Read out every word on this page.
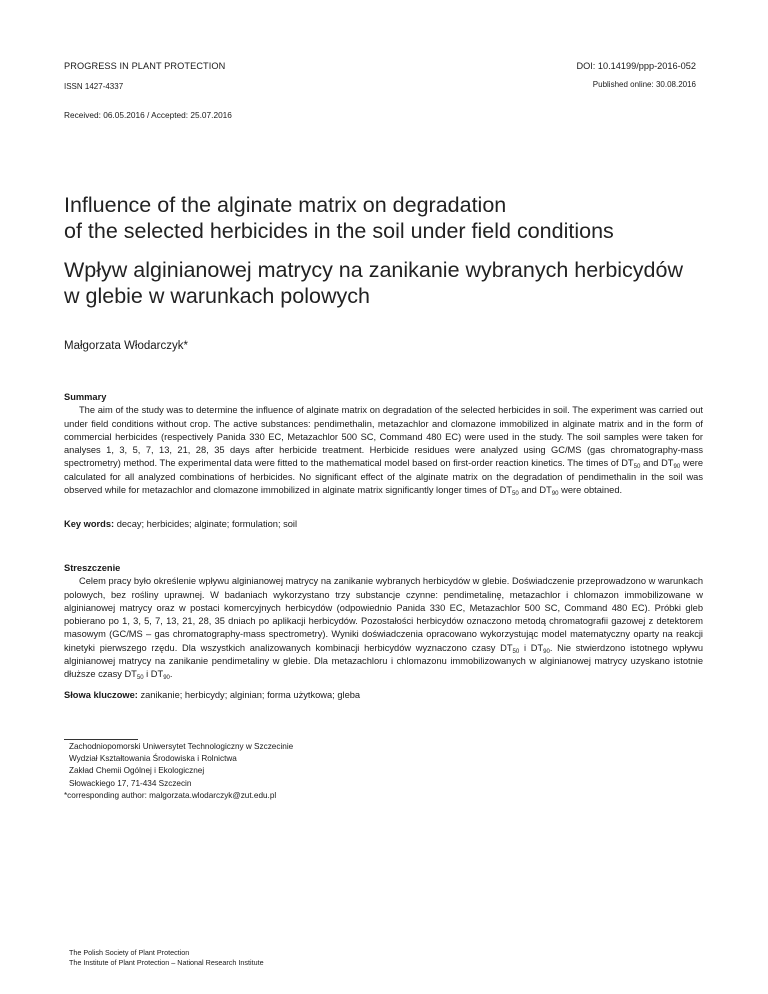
PROGRESS IN PLANT PROTECTION	DOI: 10.14199/ppp-2016-052
Published online: 30.08.2016
ISSN 1427-4337
Received: 06.05.2016 / Accepted: 25.07.2016
Influence of the alginate matrix on degradation
of the selected herbicides in the soil under field conditions
Wpływ alginianowej matrycy na zanikanie wybranych herbicydów
w glebie w warunkach polowych
Małgorzata Włodarczyk*
Summary
The aim of the study was to determine the influence of alginate matrix on degradation of the selected herbicides in soil. The experiment was carried out under field conditions without crop. The active substances: pendimethalin, metazachlor and clomazone immobilized in alginate matrix and in the form of commercial herbicides (respectively Panida 330 EC, Metazachlor 500 SC, Command 480 EC) were used in the study. The soil samples were taken for analyses 1, 3, 5, 7, 13, 21, 28, 35 days after herbicide treatment. Herbicide residues were analyzed using GC/MS (gas chromatography-mass spectrometry) method. The experimental data were fitted to the mathematical model based on first-order reaction kinetics. The times of $DT_{50}$ and $DT_{90}$ were calculated for all analyzed combinations of herbicides. No significant effect of the alginate matrix on the degradation of pendimethalin in the soil was observed while for metazachlor and clomazone immobilized in alginate matrix significantly longer times of $DT_{50}$ and $DT_{90}$ were obtained.
Key words: decay; herbicides; alginate; formulation; soil
Streszczenie
Celem pracy było określenie wpływu alginianowej matrycy na zanikanie wybranych herbicydów w glebie. Doświadczenie przeprowadzono w warunkach polowych, bez rośliny uprawnej. W badaniach wykorzystano trzy substancje czynne: pendimetalinę, metazachlor i chlomazon immobilizowane w alginianowej matrycy oraz w postaci komercyjnych herbicydów (odpowiednio Panida 330 EC, Metazachlor 500 SC, Command 480 EC). Próbki gleb pobierano po 1, 3, 5, 7, 13, 21, 28, 35 dniach po aplikacji herbicydów. Pozostałości herbicydów oznaczono metodą chromatografii gazowej z detektorem masowym (GC/MS – gas chromatography-mass spectrometry). Wyniki doświadczenia opracowano wykorzystując model matematyczny oparty na reakcji kinetyki pierwszego rzędu. Dla wszystkich analizowanych kombinacji herbicydów wyznaczono czasy $DT_{50}$ i $DT_{90}$. Nie stwierdzono istotnego wpływu alginianowej matrycy na zanikanie pendimetaliny w glebie. Dla metazachloru i chlomazonu immobilizowanych w alginianowej matrycy uzyskano istotnie dłuższe czasy $DT_{50}$ i $DT_{90}$.
Słowa kluczowe: zanikanie; herbicydy; alginian; forma użytkowa; gleba
Zachodniopomorski Uniwersytet Technologiczny w Szczecinie
Wydział Kształtowania Środowiska i Rolnictwa
Zakład Chemii Ogólnej i Ekologicznej
Słowackiego 17, 71-434 Szczecin
*corresponding author: malgorzata.wlodarczyk@zut.edu.pl
The Polish Society of Plant Protection
The Institute of Plant Protection – National Research Institute
